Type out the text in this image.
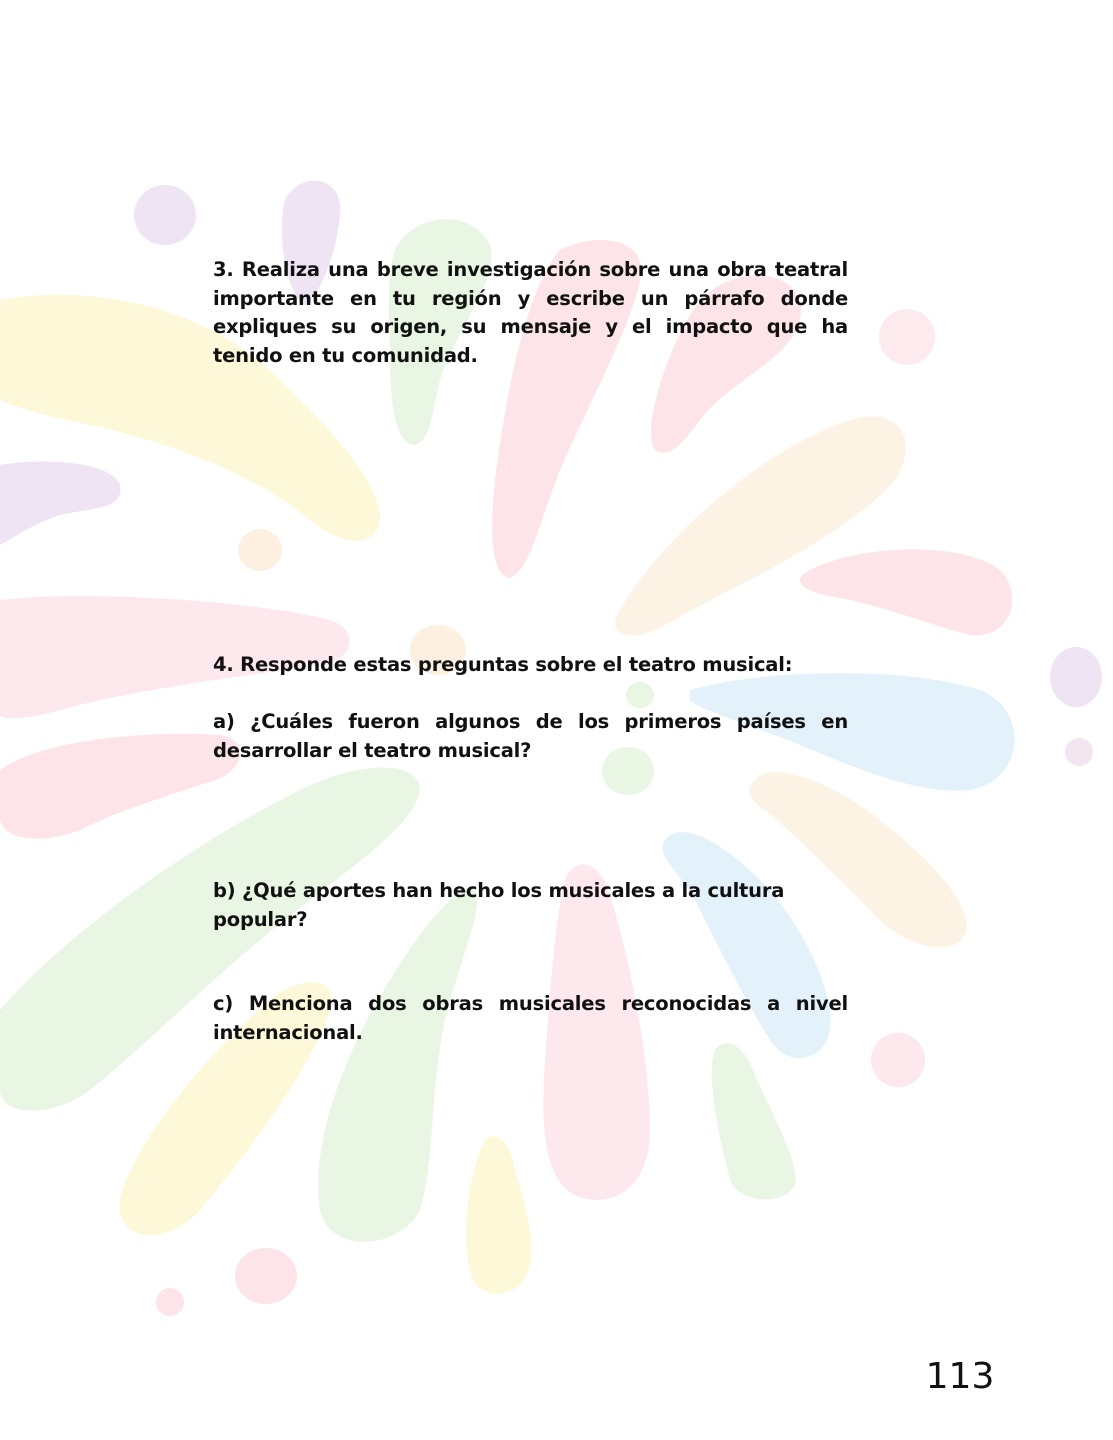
3. Realiza una breve investigación sobre una obra teatral importante en tu región y escribe un párrafo donde expliques su origen, su mensaje y el impacto que ha tenido en tu comunidad.

4. Responde estas preguntas sobre el teatro musical:

a) ¿Cuáles fueron algunos de los primeros países en desarrollar el teatro musical?

b) ¿Qué aportes han hecho los musicales a la cultura popular?

c) Menciona dos obras musicales reconocidas a nivel internacional.

113
